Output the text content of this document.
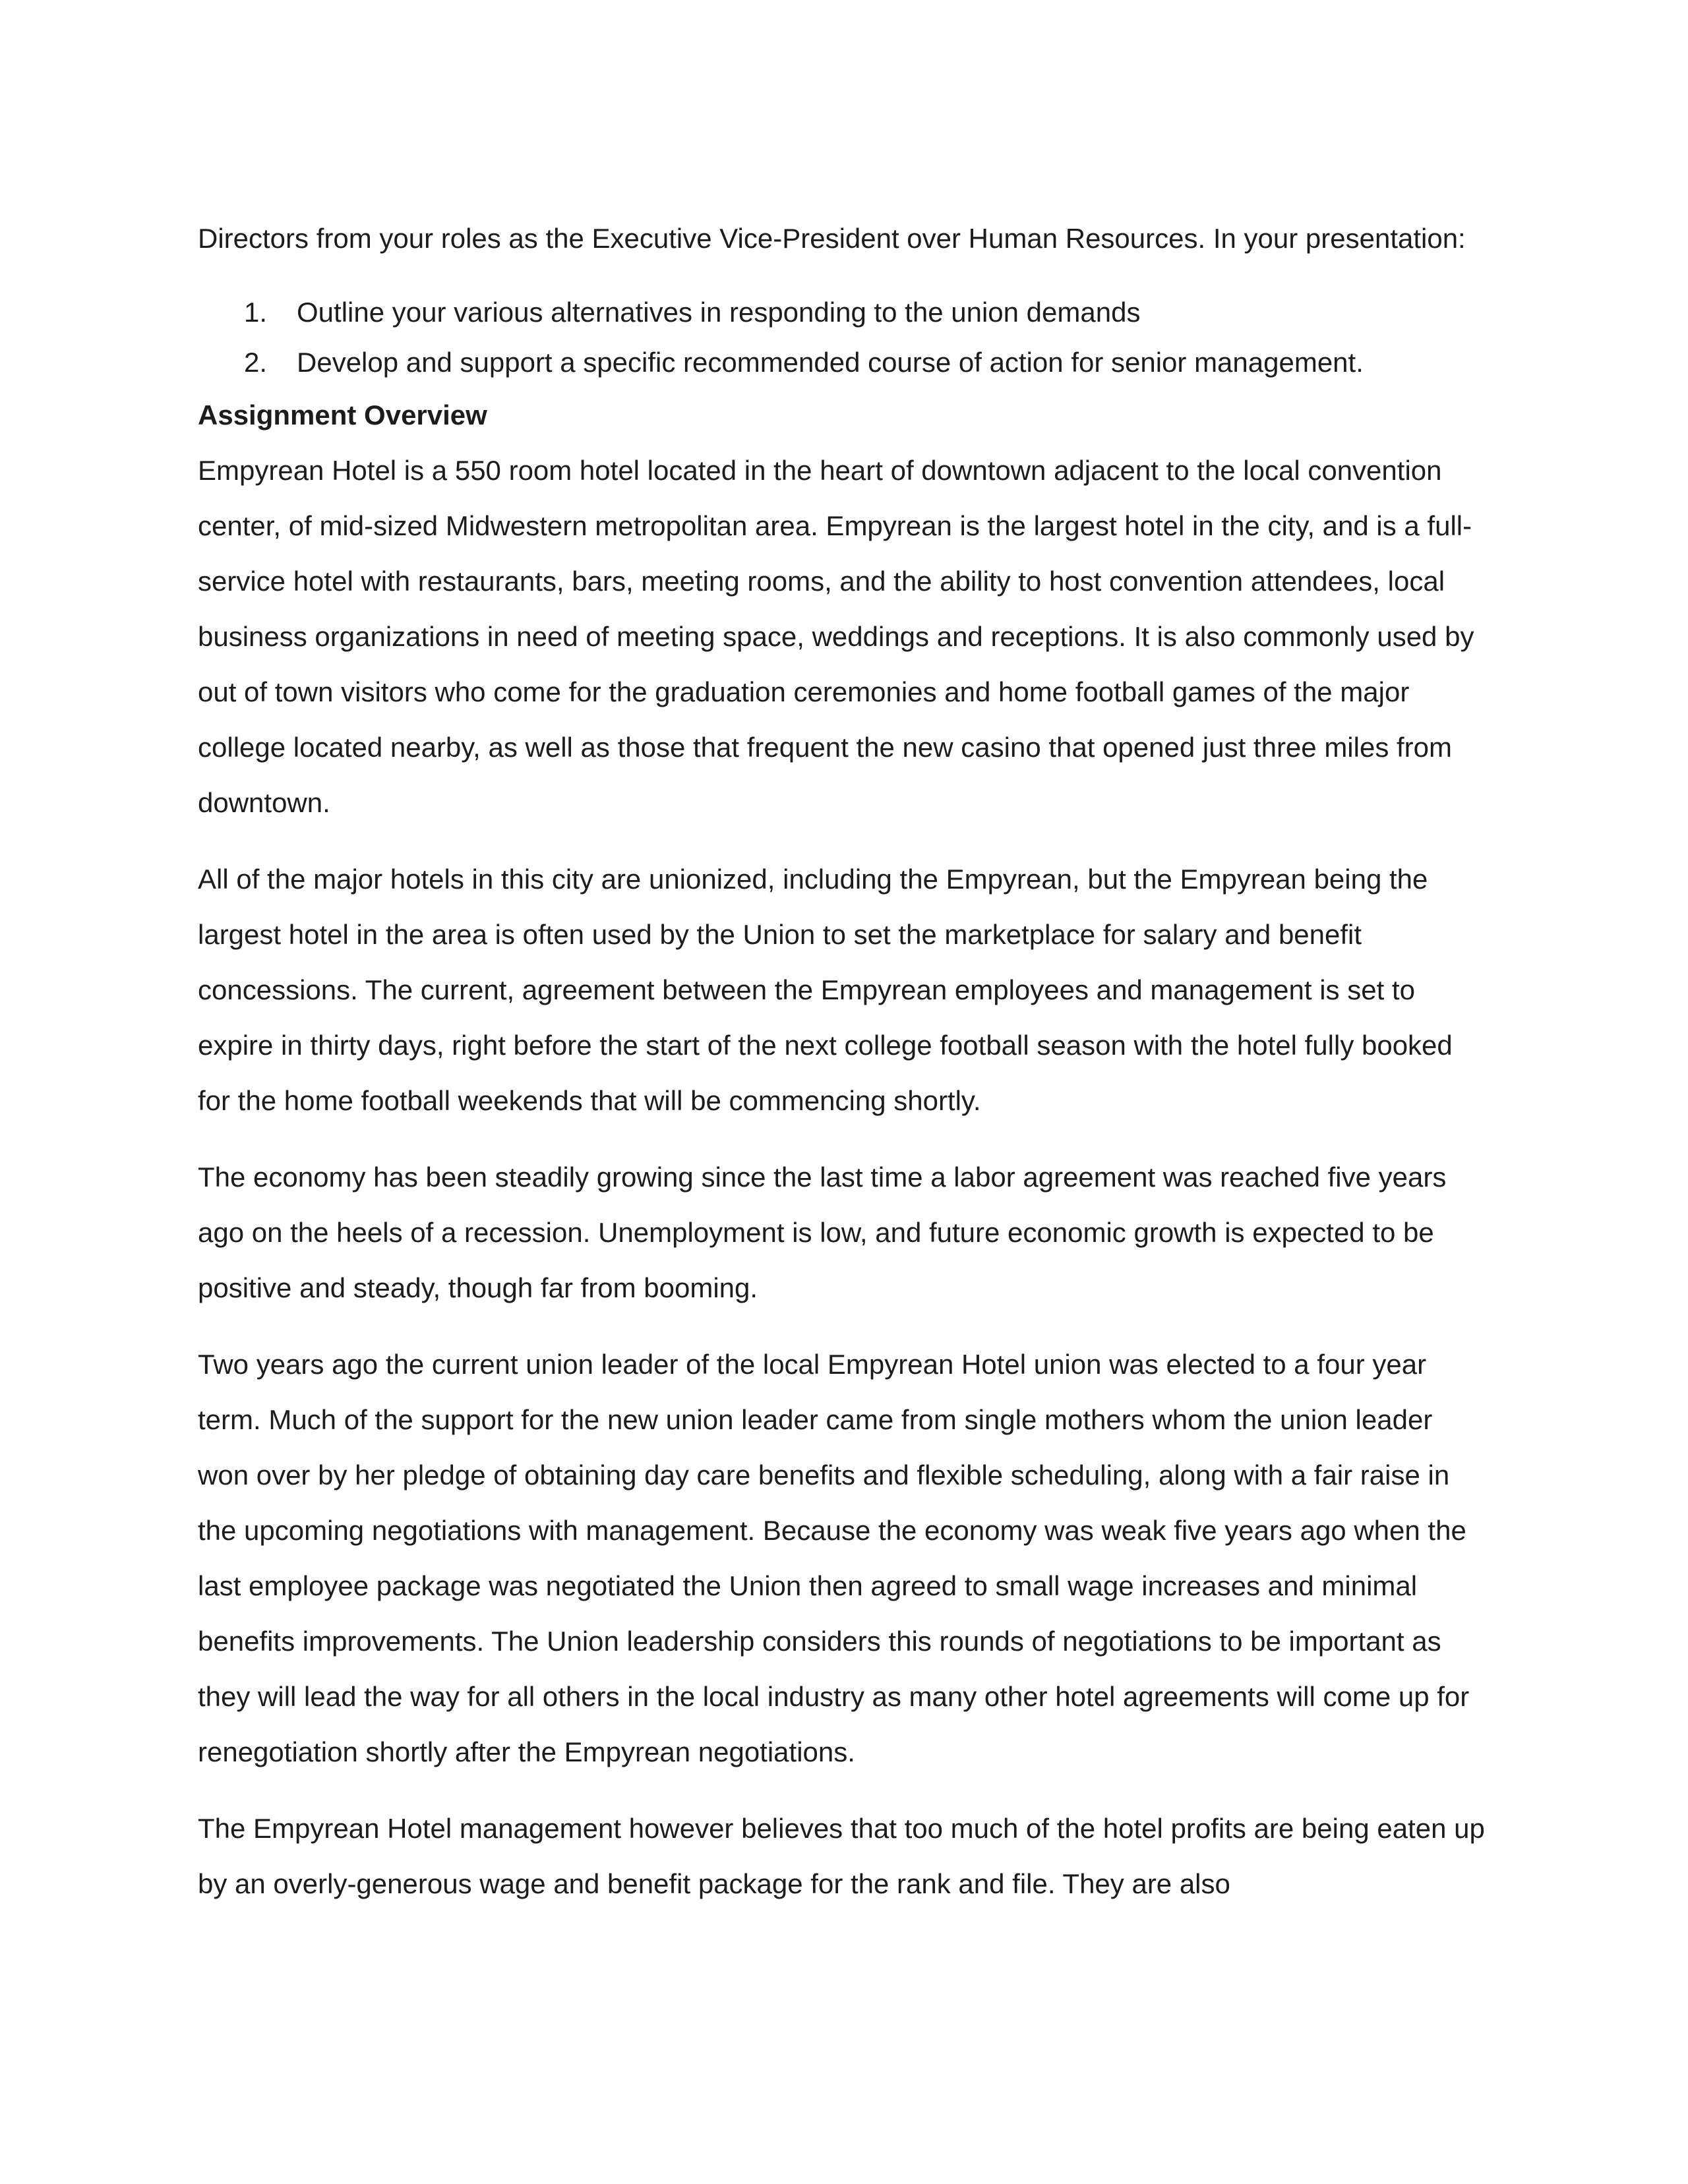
Directors from your roles as the Executive Vice-President over Human Resources. In your presentation:

1. Outline your various alternatives in responding to the union demands
2. Develop and support a specific recommended course of action for senior management.

Assignment Overview

Empyrean Hotel is a 550 room hotel located in the heart of downtown adjacent to the local convention center, of mid-sized Midwestern metropolitan area. Empyrean is the largest hotel in the city, and is a full-service hotel with restaurants, bars, meeting rooms, and the ability to host convention attendees, local business organizations in need of meeting space, weddings and receptions. It is also commonly used by out of town visitors who come for the graduation ceremonies and home football games of the major college located nearby, as well as those that frequent the new casino that opened just three miles from downtown.

All of the major hotels in this city are unionized, including the Empyrean, but the Empyrean being the largest hotel in the area is often used by the Union to set the marketplace for salary and benefit concessions. The current, agreement between the Empyrean employees and management is set to expire in thirty days, right before the start of the next college football season with the hotel fully booked for the home football weekends that will be commencing shortly.

The economy has been steadily growing since the last time a labor agreement was reached five years ago on the heels of a recession. Unemployment is low, and future economic growth is expected to be positive and steady, though far from booming.

Two years ago the current union leader of the local Empyrean Hotel union was elected to a four year term. Much of the support for the new union leader came from single mothers whom the union leader won over by her pledge of obtaining day care benefits and flexible scheduling, along with a fair raise in the upcoming negotiations with management. Because the economy was weak five years ago when the last employee package was negotiated the Union then agreed to small wage increases and minimal benefits improvements. The Union leadership considers this rounds of negotiations to be important as they will lead the way for all others in the local industry as many other hotel agreements will come up for renegotiation shortly after the Empyrean negotiations.

The Empyrean Hotel management however believes that too much of the hotel profits are being eaten up by an overly-generous wage and benefit package for the rank and file. They are also
